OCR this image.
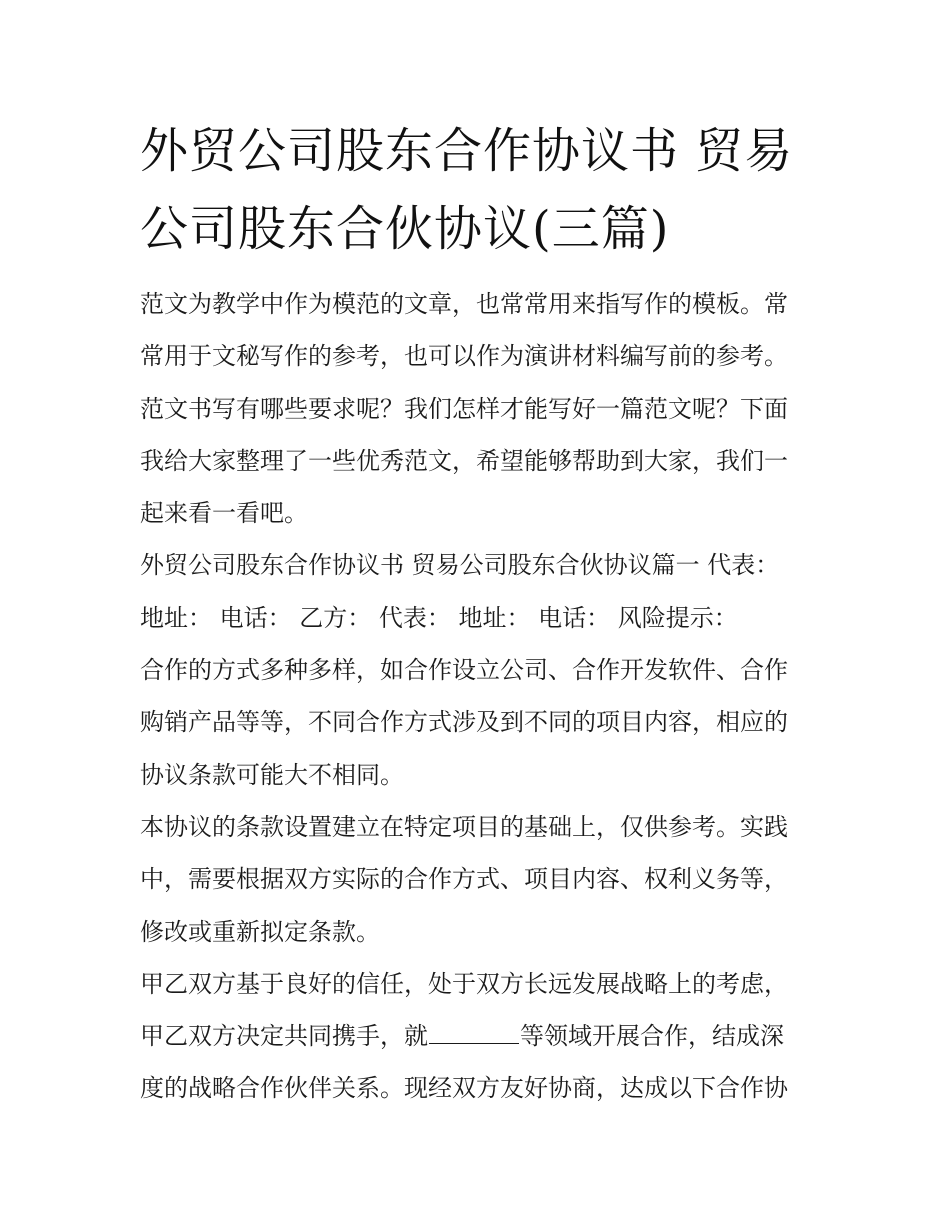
外贸公司股东合作协议书 贸易
公司股东合伙协议(三篇)
范文为教学中作为模范的文章，也常常用来指写作的模板。常
常用于文秘写作的参考，也可以作为演讲材料编写前的参考。
范文书写有哪些要求呢？我们怎样才能写好一篇范文呢？下面
我给大家整理了一些优秀范文，希望能够帮助到大家，我们一
起来看一看吧。
外贸公司股东合作协议书 贸易公司股东合伙协议篇一 代表：
地址： 电话： 乙方： 代表： 地址： 电话： 风险提示：
合作的方式多种多样，如合作设立公司、合作开发软件、合作
购销产品等等，不同合作方式涉及到不同的项目内容，相应的
协议条款可能大不相同。
本协议的条款设置建立在特定项目的基础上，仅供参考。实践
中，需要根据双方实际的合作方式、项目内容、权利义务等，
修改或重新拟定条款。
甲乙双方基于良好的信任，处于双方长远发展战略上的考虑，
甲乙双方决定共同携手，就	等领域开展合作，结成深
度的战略合作伙伴关系。现经双方友好协商，达成以下合作协
